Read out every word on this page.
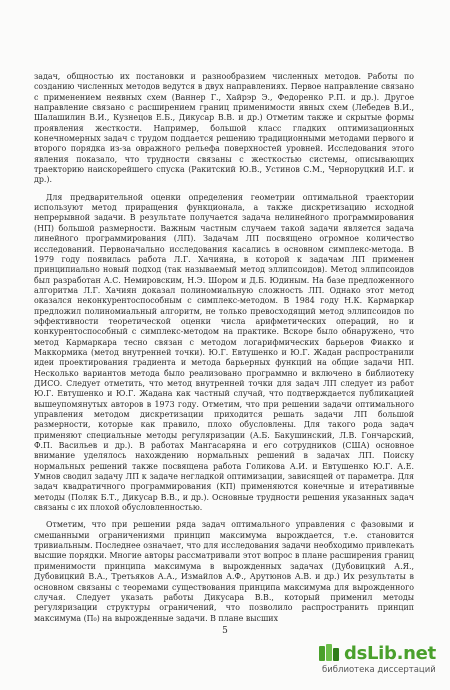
задач, общностью их постановки и разнообразием численных методов. Работы по созданию численных методов ведутся в двух направлениях. Первое направление связано с применением неявных схем (Ваннер Г., Хайрэр Э., Федоренко Р.П. и др.). Другое направление связано с расширением границ применимости явных схем (Лебедев В.И., Шалашилин В.И., Кузнецов Е.Б., Дикусар В.В. и др.) Отметим также и скрытые формы проявления жесткости. Например, большой класс гладких оптимизационных конечномерных задач с трудом поддается решению традиционными методами первого и второго порядка из-за овражного рельефа поверхностей уровней. Исследования этого явления показало, что трудности связаны с жесткостью системы, описывающих траекторию наискорейшего спуска (Ракитский Ю.В., Устинов С.М., Черноруцкий И.Г. и др.).

Для предварительной оценки определения геометрии оптимальной траектории используют метод приращения функционала, а также дискретизацию исходной непрерывной задачи. В результате получается задача нелинейного программирования (НП) большой размерности. Важным частным случаем такой задачи является задача линейного программирования (ЛП). Задачам ЛП посвящено огромное количество исследований. Первоначально исследования касались в основном симплекс-метода. В 1979 году появилась работа Л.Г. Хачияна, в которой к задачам ЛП применен принципиально новый подход (так называемый метод эллипсоидов). Метод эллипсоидов был разработан А.С. Немировским, Н.Э. Шором и Д.Б. Юдиным. На базе предложенного алгоритма Л.Г. Хачиян доказал полиномиальную сложность ЛП. Однако этот метод оказался неконкурентоспособным с симплекс-методом. В 1984 году Н.К. Кармаркар предложил полиномиальный алгоритм, не только превосходящий метод эллипсоидов по эффективности теоретической оценки числа арифметических операций, но и конкурентоспособный с симплекс-методом на практике. Вскоре было обнаружено, что метод Кармаркара тесно связан с методом логарифмических барьеров Фиакко и Маккормика (метод внутренней точки). Ю.Г. Евтушенко и Ю.Г. Жадан распространили идеи проектирования градиента и метода барьерных функций на общие задачи НП. Несколько вариантов метода было реализовано программно и включено в библиотеку ДИСО. Следует отметить, что метод внутренней точки для задач ЛП следует из работ Ю.Г. Евтушенко и Ю.Г. Жадана как частный случай, что подтверждается публикацией вышеупомянутых авторов в 1973 году. Отметим, что при решении задачи оптимального управления методом дискретизации приходится решать задачи ЛП большой размерности, которые как правило, плохо обусловлены. Для такого рода задач применяют специальные методы регуляризации (А.Б. Бакушинский, Л.В. Гончарский, Ф.П. Васильев и др.). В работах Мангасаряна и его сотрудников (США) основное внимание уделялось нахождению нормальных решений в задачах ЛП. Поиску нормальных решений также посвящена работа Голикова А.И. и Евтушенко Ю.Г. А.Е. Умнов сводил задачу ЛП к задаче негладкой оптимизации, зависящей от параметра. Для задач квадратичного программирования (КП) применяются конечные и итеративные методы (Поляк Б.Т., Дикусар В.В., и др.). Основные трудности решения указанных задач связаны с их плохой обусловленностью.

Отметим, что при решении ряда задач оптимального управления с фазовыми и смешанными ограничениями принцип максимума вырождается, т.е. становится тривиальным. Последнее означает, что для исследования задачи необходимо привлекать высшие порядки. Многие авторы рассматривали этот вопрос в плане расширения границ применимости принципа максимума в вырожденных задачах (Дубовицкий А.Я., Дубовицкий В.А., Третьяков А.А., Измайлов А.Ф., Арутюнов А.В. и др.) Их результаты в основном связаны с теоремами существования принципа максимума для вырожденного случая. Следует указать работы Дикусара В.В., который применил методы регуляризации структуры ограничений, что позволило распространить принцип максимума (Π₀) на вырожденные задачи. В плане высших

5
dsLib.net
библиотека диссертаций
